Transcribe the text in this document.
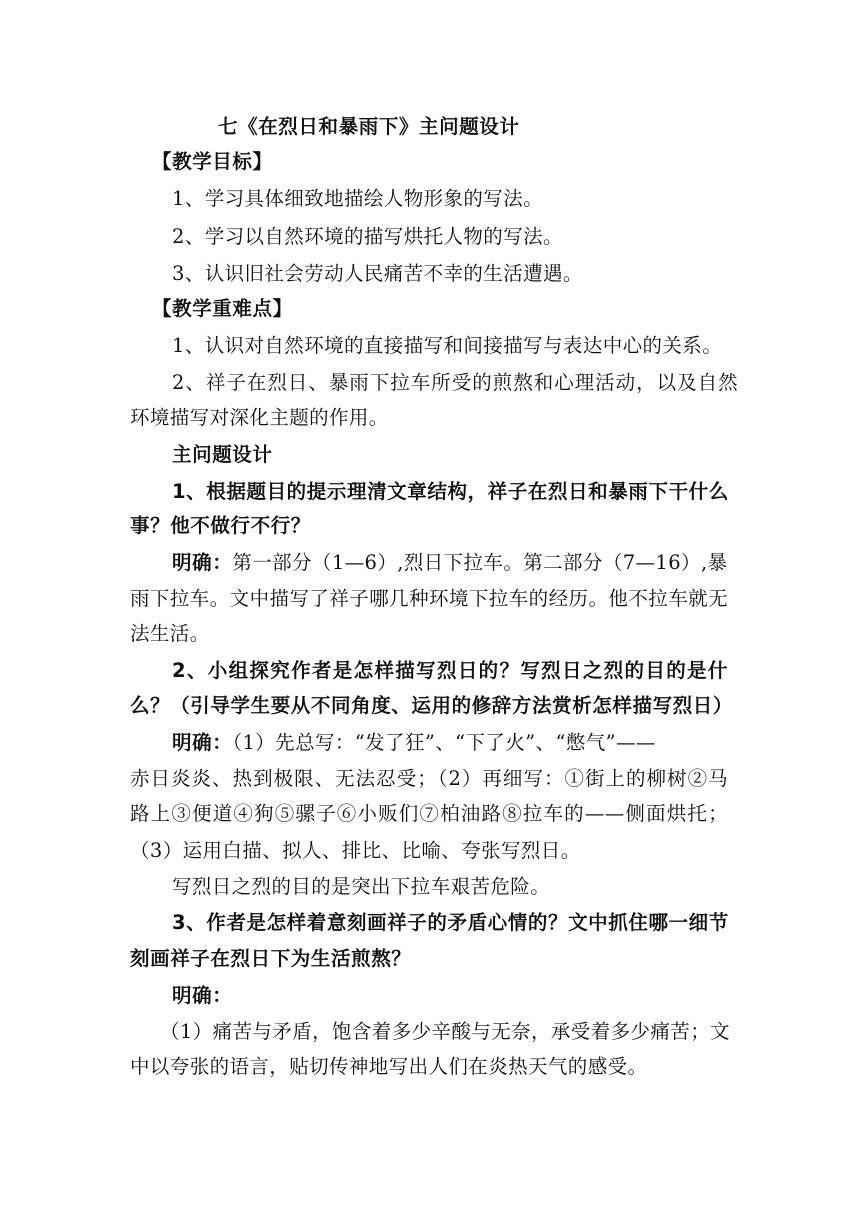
七《在烈日和暴雨下》主问题设计
【教学目标】
1、学习具体细致地描绘人物形象的写法。
2、学习以自然环境的描写烘托人物的写法。
3、认识旧社会劳动人民痛苦不幸的生活遭遇。
【教学重难点】
1、认识对自然环境的直接描写和间接描写与表达中心的关系。
2、祥子在烈日、暴雨下拉车所受的煎熬和心理活动，以及自然
环境描写对深化主题的作用。
主问题设计
1、根据题目的提示理清文章结构，祥子在烈日和暴雨下干什么
事？他不做行不行？
明确：第一部分（1—6）,烈日下拉车。第二部分（7—16）,暴
雨下拉车。文中描写了祥子哪几种环境下拉车的经历。他不拉车就无
法生活。
2、小组探究作者是怎样描写烈日的？写烈日之烈的目的是什
么？（引导学生要从不同角度、运用的修辞方法赏析怎样描写烈日）
明确：（1）先总写：“发了狂”、“下了火”、“憋气”——
赤日炎炎、热到极限、无法忍受；（2）再细写：①街上的柳树②马
路上③便道④狗⑤骡子⑥小贩们⑦柏油路⑧拉车的——侧面烘托；
（3）运用白描、拟人、排比、比喻、夸张写烈日。
写烈日之烈的目的是突出下拉车艰苦危险。
3、作者是怎样着意刻画祥子的矛盾心情的？文中抓住哪一细节
刻画祥子在烈日下为生活煎熬？
明确：
（1）痛苦与矛盾，饱含着多少辛酸与无奈，承受着多少痛苦；文
中以夸张的语言，贴切传神地写出人们在炎热天气的感受。
